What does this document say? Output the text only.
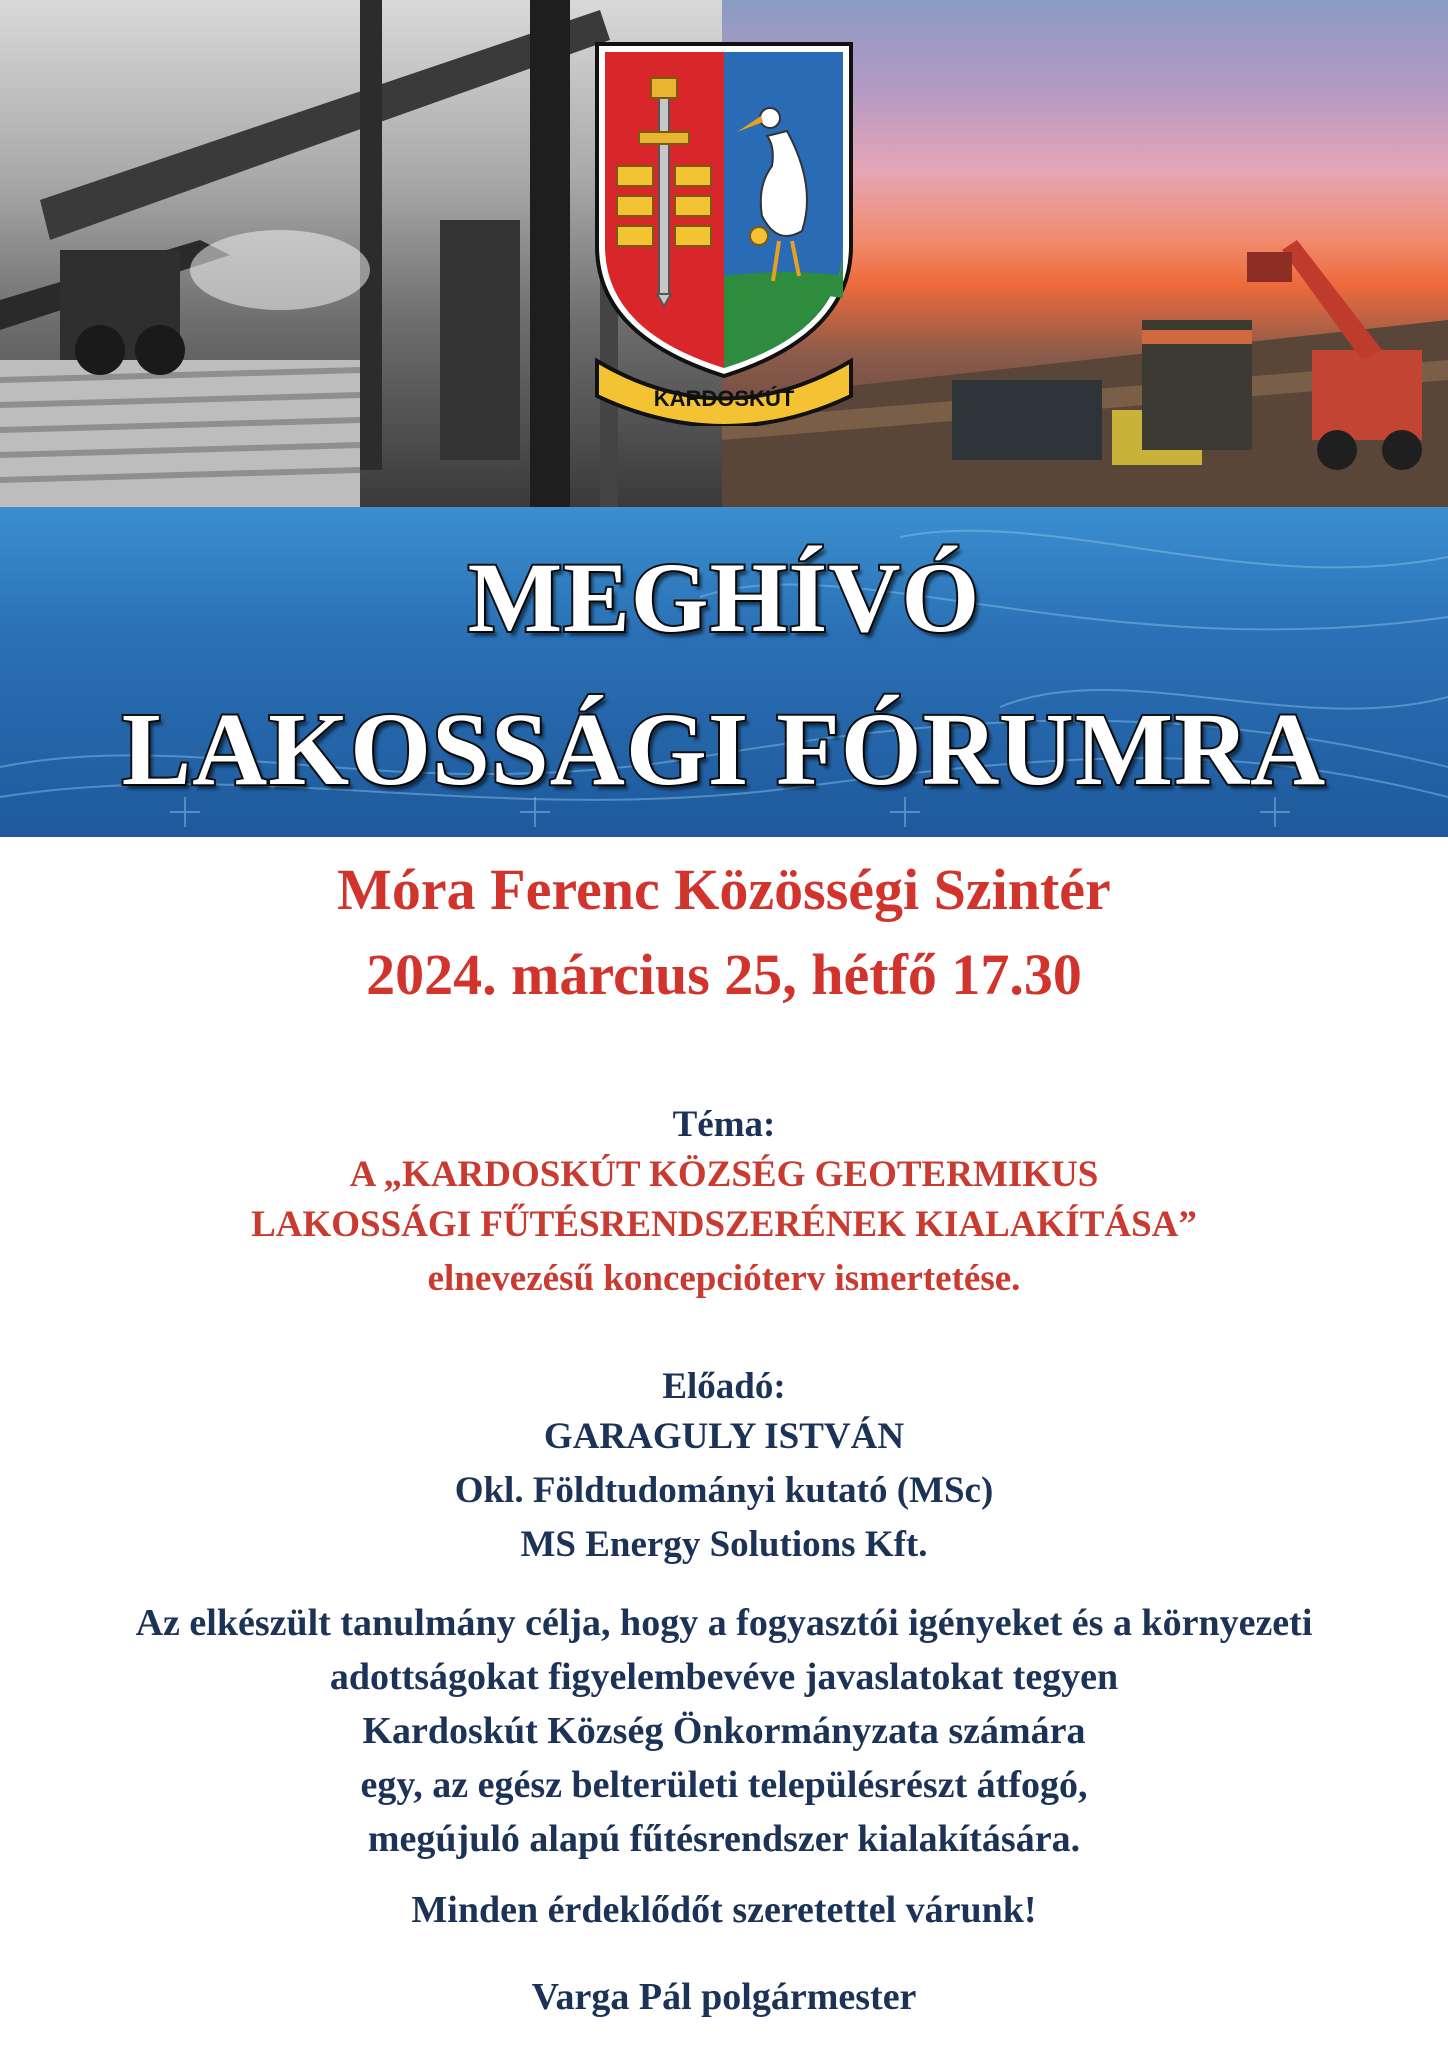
KARDOSKÚT
MEGHÍVÓ
LAKOSSÁGI FÓRUMRA

Móra Ferenc Közösségi Szintér

2024. március 25, hétfő 17.30

Téma:

A „KARDOSKÚT KÖZSÉG GEOTERMIKUS

LAKOSSÁGI FŰTÉSRENDSZERÉNEK KIALAKÍTÁSA”

elnevezésű koncepcióterv ismertetése.

Előadó:

GARAGULY ISTVÁN

Okl. Földtudományi kutató (MSc)

MS Energy Solutions Kft.

Az elkészült tanulmány célja, hogy a fogyasztói igényeket és a környezeti

adottságokat figyelembevéve javaslatokat tegyen

Kardoskút Község Önkormányzata számára

egy, az egész belterületi településrészt átfogó,

megújuló alapú fűtésrendszer kialakítására.

Minden érdeklődőt szeretettel várunk!

Varga Pál polgármester
